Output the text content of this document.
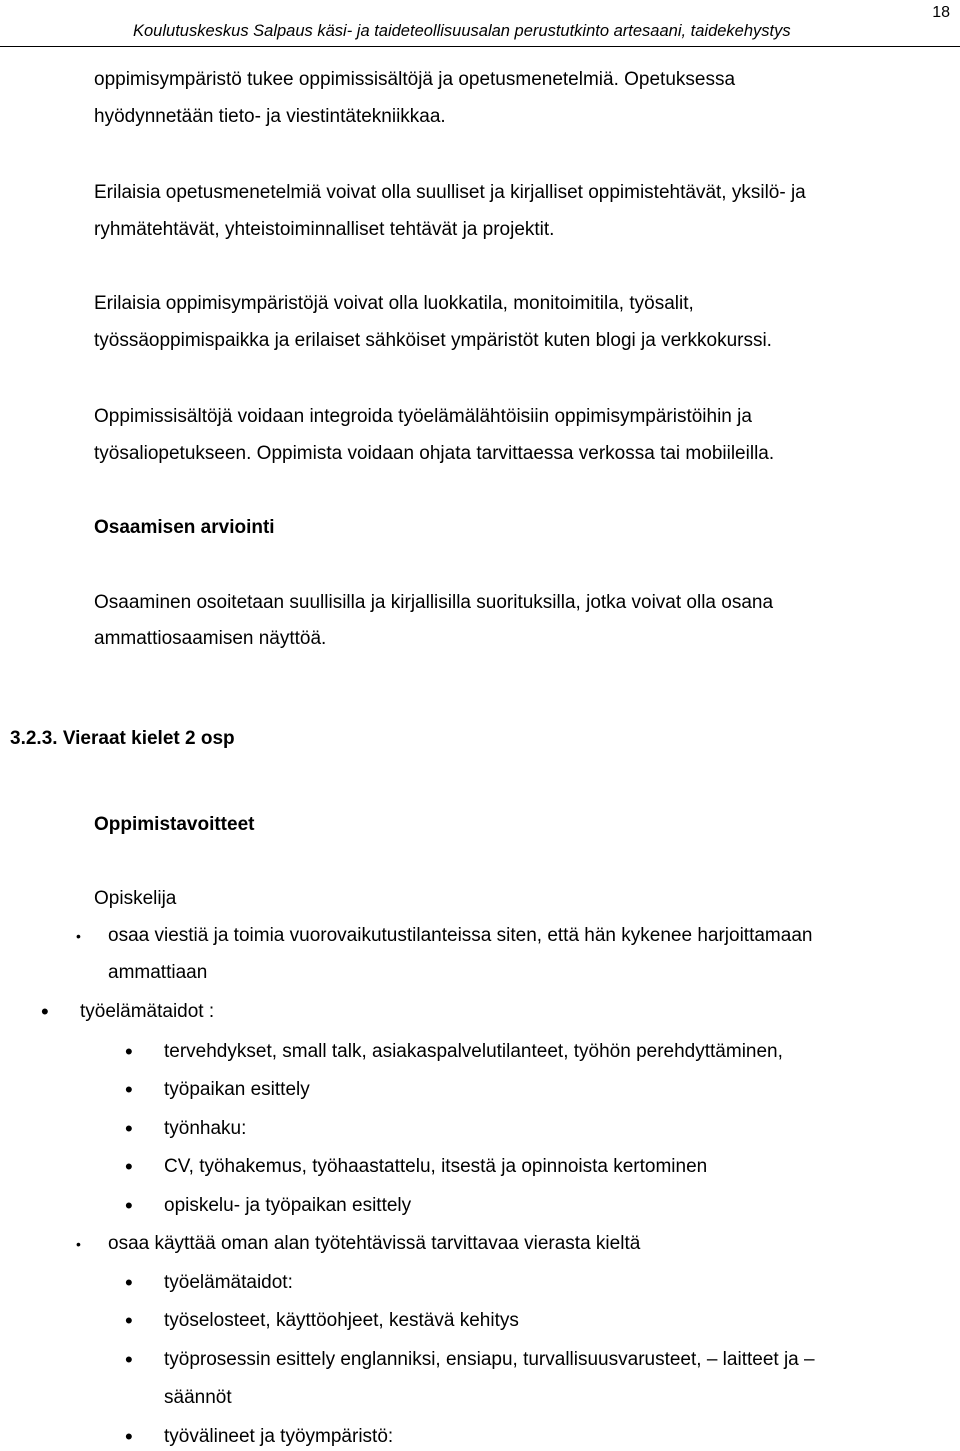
Koulutuskeskus Salpaus käsi- ja taideteollisuusalan perustutkinto artesaani, taidekehystys
18
oppimisympäristö tukee oppimissisältöjä ja opetusmenetelmiä. Opetuksessa
hyödynnetään tieto- ja viestintätekniikkaa.
Erilaisia opetusmenetelmiä voivat olla suulliset ja kirjalliset oppimistehtävät, yksilö- ja
ryhmätehtävät, yhteistoiminnalliset tehtävät ja projektit.
Erilaisia oppimisympäristöjä voivat olla luokkatila, monitoimitila, työsalit,
työssäoppimispaikka ja erilaiset sähköiset ympäristöt kuten blogi ja verkkokurssi.
Oppimissisältöjä voidaan integroida työelämälähtöisiin oppimisympäristöihin ja
työsaliopetukseen. Oppimista voidaan ohjata tarvittaessa verkossa tai mobiileilla.
Osaamisen arviointi
Osaaminen osoitetaan suullisilla ja kirjallisilla suorituksilla, jotka voivat olla osana
ammattiosaamisen näyttöä.
3.2.3. Vieraat kielet 2 osp
Oppimistavoitteet
Opiskelija
• osaa viestiä ja toimia vuorovaikutustilanteissa siten, että hän kykenee harjoittamaan
ammattiaan
• työelämätaidot :
• tervehdykset, small talk, asiakaspalvelutilanteet, työhön perehdyttäminen,
• työpaikan esittely
• työnhaku:
• CV, työhakemus, työhaastattelu, itsestä ja opinnoista kertominen
• opiskelu- ja työpaikan esittely
• osaa käyttää oman alan työtehtävissä tarvittavaa vierasta kieltä
• työelämätaidot:
• työselosteet, käyttöohjeet, kestävä kehitys
• työprosessin esittely englanniksi, ensiapu, turvallisuusvarusteet, – laitteet ja –
säännöt
• työvälineet ja työympäristö:
